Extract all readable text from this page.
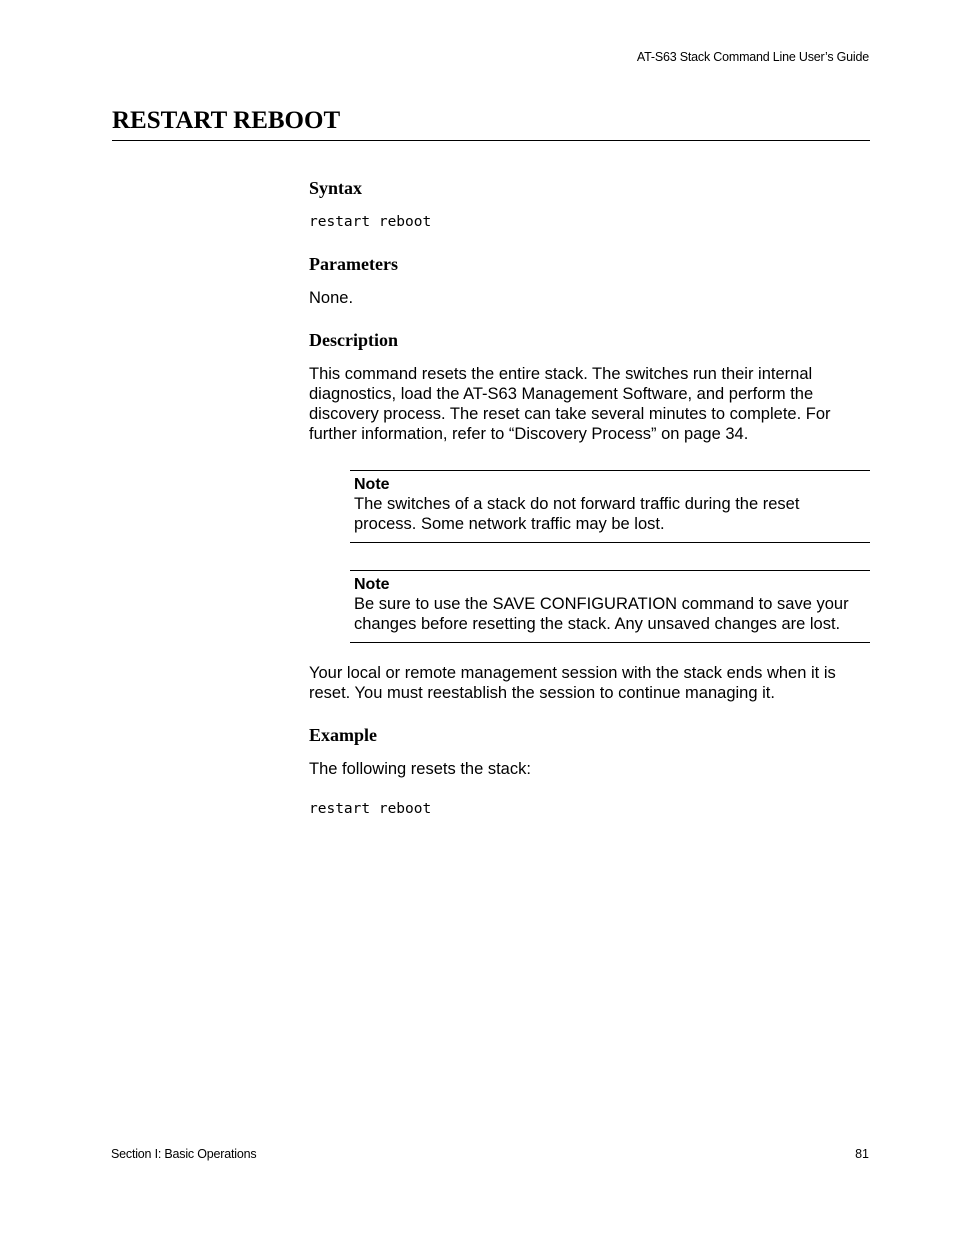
AT-S63 Stack Command Line User’s Guide
RESTART REBOOT
Syntax
restart reboot
Parameters
None.
Description
This command resets the entire stack. The switches run their internal diagnostics, load the AT-S63 Management Software, and perform the discovery process. The reset can take several minutes to complete. For further information, refer to “Discovery Process” on page 34.
Note
The switches of a stack do not forward traffic during the reset process. Some network traffic may be lost.
Note
Be sure to use the SAVE CONFIGURATION command to save your changes before resetting the stack. Any unsaved changes are lost.
Your local or remote management session with the stack ends when it is reset. You must reestablish the session to continue managing it.
Example
The following resets the stack:
restart reboot
Section I: Basic Operations	81
